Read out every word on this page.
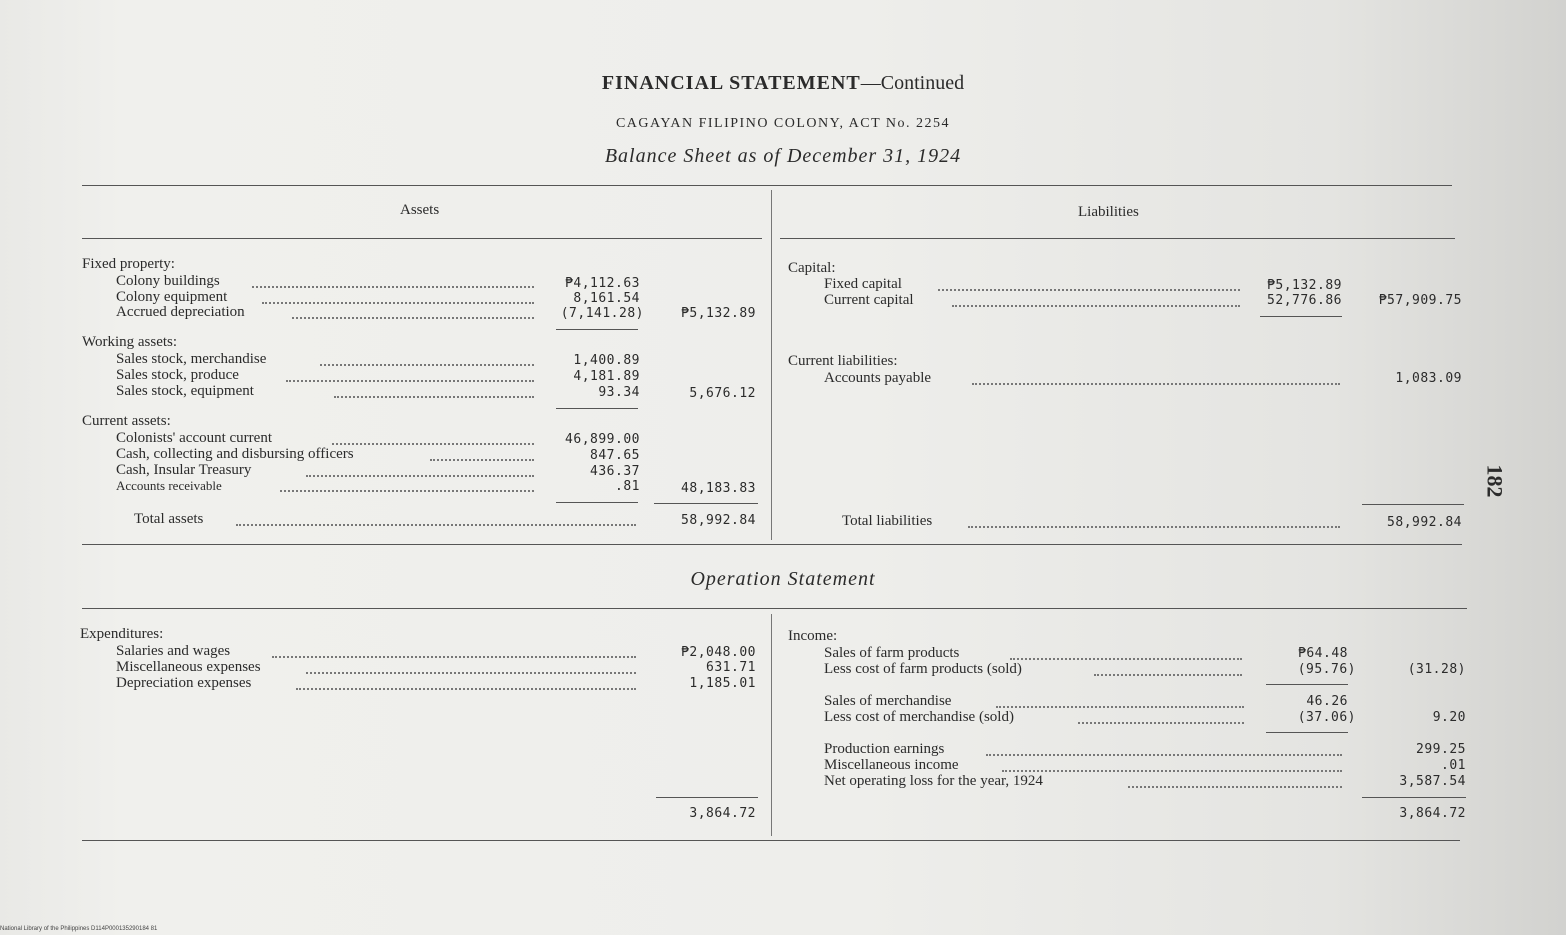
FINANCIAL STATEMENT—Continued
CAGAYAN FILIPINO COLONY, ACT No. 2254
Balance Sheet as of December 31, 1924
Assets	Liabilities
Fixed property:
Colony buildings	₱4,112.63
Colony equipment	8,161.54
Accrued depreciation	(7,141.28)	₱5,132.89
Working assets:
Sales stock, merchandise	1,400.89
Sales stock, produce	4,181.89
Sales stock, equipment	93.34	5,676.12
Current assets:
Colonists' account current	46,899.00
Cash, collecting and disbursing officers	847.65
Cash, Insular Treasury	436.37
Accounts receivable	.81	48,183.83
Total assets	58,992.84
Capital:
Fixed capital	₱5,132.89
Current capital	52,776.86	₱57,909.75
Current liabilities:
Accounts payable	1,083.09
Total liabilities	58,992.84
Operation Statement
Expenditures:
Salaries and wages	₱2,048.00
Miscellaneous expenses	631.71
Depreciation expenses	1,185.01
3,864.72
Income:
Sales of farm products	₱64.48
Less cost of farm products (sold)	(95.76)	(31.28)
Sales of merchandise	46.26
Less cost of merchandise (sold)	(37.06)	9.20
Production earnings	299.25
Miscellaneous income	.01
Net operating loss for the year, 1924	3,587.54
3,864.72
182
National Library of the Philippines D114P000135290184 81
